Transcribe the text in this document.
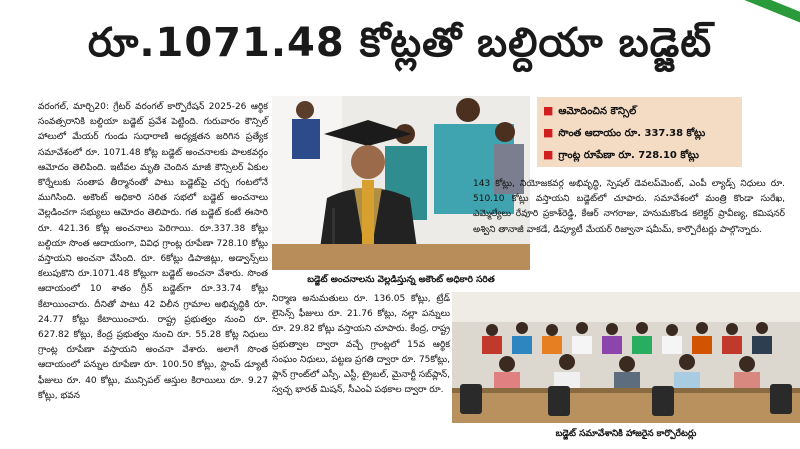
రూ.1071.48 కోట్లతో బల్దియా బడ్జెట్
వరంగల్‌, మార్చి20: గ్రేటర్‌ వరంగల్‌ కార్పొరేషన్‌ 2025-26 ఆర్థిక సంవత్సరానికి బల్దియా బడ్జెట్‌ ప్రవేశ పెట్టింది. గురువారం కౌన్సిల్‌ హాలులో మేయర్‌ గుండు సుధారాణి అధ్యక్షతన జరిగిన ప్రత్యేక సమావేశంలో రూ. 1071.48 కోట్ల బడ్జెట్‌ అంచనాలకు పాలకవర్గం ఆమోదం తెలిపింది. ఇటీవల మృతి చెందిన మాజీ కౌన్సిలర్‌ ఏకుల కొర్నేలుకు సంతాప తీర్మానంతో పాటు బడ్జెట్‌పై చర్చ గంటలోనే ముగిసింది. అకౌంట్‌ అధికారి సరిత సభలో బడ్జెట్‌ అంచనాలు వెల్లడించగా సభ్యులు ఆమోదం తెలిపారు. గత బడ్జెట్‌ కంటే ఈసారి రూ. 421.36 కోట్ల అంచనాలు పెరిగాయి. రూ.337.38 కోట్లు బల్దియా సొంత ఆదాయంగా, వివిధ గ్రాంట్ల రూపేణా 728.10 కోట్లు వస్తాయని అంచనా వేసింది. రూ. 6కోట్లు డిపాజిట్లు, అడ్వాన్స్‌లు కలుపుకొని రూ.1071.48 కోట్లుగా బడ్జెట్‌ అంచనా వేశారు. సొంత ఆదాయంలో 10 శాతం గ్రీన్‌ బడ్జెట్‌గా రూ.33.74 కోట్లు కేటాయించారు. దీనితో పాటు 42 విలీన గ్రామాల అభివృద్ధికి రూ. 24.77 కోట్లు కేటాయించారు. రాష్ట్ర ప్రభుత్వం నుంచి రూ. 627.82 కోట్లు, కేంద్ర ప్రభుత్వం నుంచి రూ. 55.28 కోట్ల నిధులు గ్రాంట్ల రూపేణా వస్తాయని అంచనా వేశారు. అలాగే సొంత ఆదాయంలో పన్నుల రూపేణా రూ. 100.50 కోట్లు, స్టాంప్‌ డ్యూటీ ఫీజులు రూ. 40 కోట్లు, మున్సిపల్‌ ఆస్తుల కిరాయిలు రూ. 9.27 కోట్లు, భవన
బడ్జెట్‌ అంచనాలను వెల్లడిస్తున్న అకౌంట్‌ అధికారి సరిత
■ ఆమోదించిన కౌన్సిల్
■ సొంత ఆదాయం రూ. 337.38 కోట్లు
■ గ్రాంట్ల రూపేణా రూ. 728.10 కోట్లు
143 కోట్లు, నియోజకవర్గ అభివృద్ధి, స్పెషల్‌ డెవలప్‌మెంట్‌, ఎంపీ ల్యాడ్స్‌ నిధులు రూ. 510.10 కోట్లు వస్తాయని బడ్జెట్‌లో చూపారు. సమావేశంలో మంత్రి కొండా సురేఖ, ఎమ్మెల్యేలు రేవూరి ప్రకాశ్‌రెడ్డి, కేఆర్‌ నాగరాజు, హనుమకొండ కలెక్టర్‌ ప్రావీణ్య, కమిషనర్‌ అశ్విని తానాజీ వాకడే, డిప్యూటీ మేయర్‌ రిజ్వానా షమీమ్‌, కార్పొరేటర్లు పాల్గొన్నారు.
నిర్మాణ అనుమతులు రూ. 136.05 కోట్లు, ట్రేడ్‌ లైసెన్స్‌ ఫీజులు రూ. 21.76 కోట్లు, నల్లా పన్నులు రూ. 29.82 కోట్లు వస్తాయని చూపారు. కేంద్ర, రాష్ట్ర ప్రభుత్వాల ద్వారా వచ్చే గ్రాంట్లలో 15వ ఆర్థిక సంఘం నిధులు, పట్టణ ప్రగతి ద్వారా రూ. 75కోట్లు, ప్లాన్‌ గ్రాంట్‌లో ఎస్సీ, ఎస్టీ, ట్రైబల్‌, మైనార్టీ సబ్‌ప్లాన్‌, స్వచ్ఛ భారత్‌ మిషన్‌, సీఎంఏ పథకాల ద్వారా రూ.
బడ్జెట్‌ సమావేశానికి హాజరైన కార్పొరేటర్లు
